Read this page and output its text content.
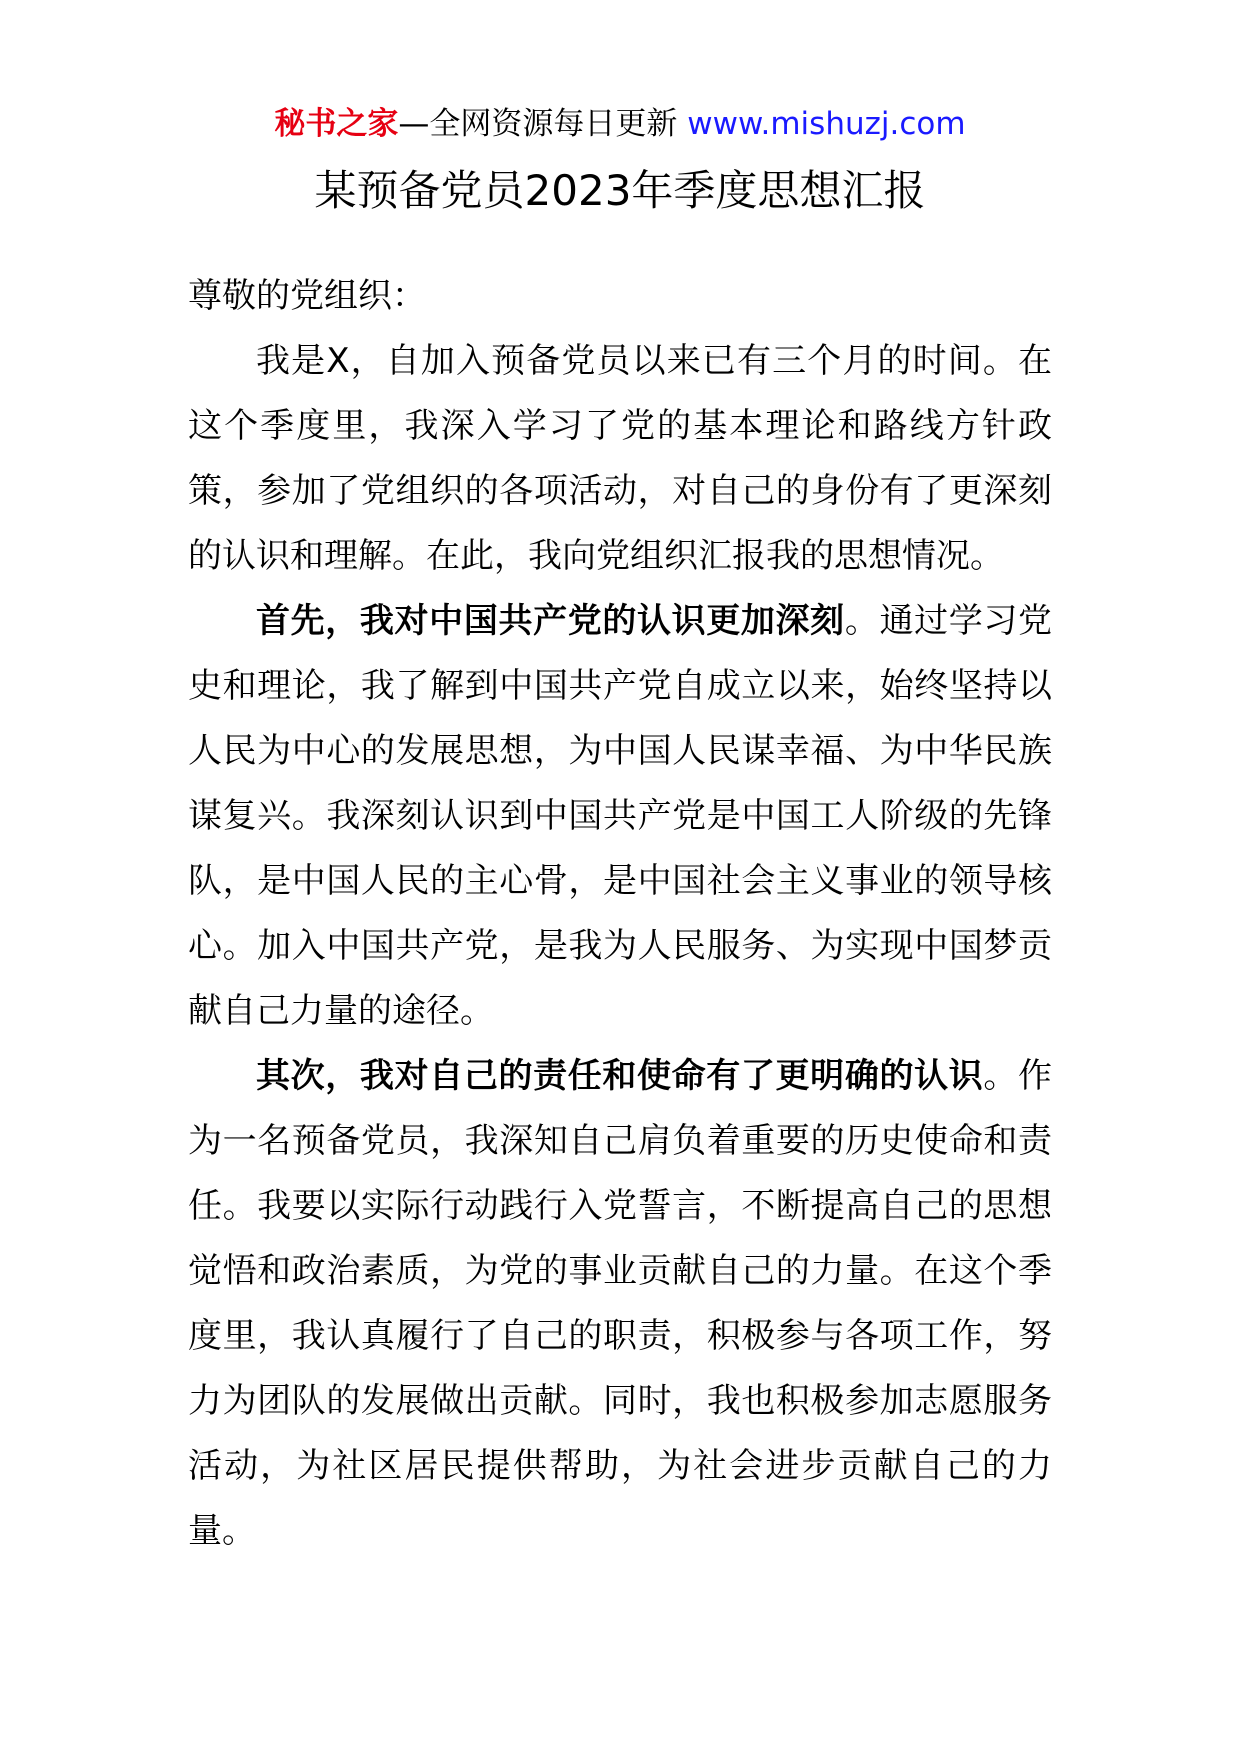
秘书之家—全网资源每日更新 www.mishuzj.com
某预备党员2023年季度思想汇报

尊敬的党组织：

我是X，自加入预备党员以来已有三个月的时间。在这个季度里，我深入学习了党的基本理论和路线方针政策，参加了党组织的各项活动，对自己的身份有了更深刻的认识和理解。在此，我向党组织汇报我的思想情况。

首先，我对中国共产党的认识更加深刻。通过学习党史和理论，我了解到中国共产党自成立以来，始终坚持以人民为中心的发展思想，为中国人民谋幸福、为中华民族谋复兴。我深刻认识到中国共产党是中国工人阶级的先锋队，是中国人民的主心骨，是中国社会主义事业的领导核心。加入中国共产党，是我为人民服务、为实现中国梦贡献自己力量的途径。

其次，我对自己的责任和使命有了更明确的认识。作为一名预备党员，我深知自己肩负着重要的历史使命和责任。我要以实际行动践行入党誓言，不断提高自己的思想觉悟和政治素质，为党的事业贡献自己的力量。在这个季度里，我认真履行了自己的职责，积极参与各项工作，努力为团队的发展做出贡献。同时，我也积极参加志愿服务活动，为社区居民提供帮助，为社会进步贡献自己的力量。
